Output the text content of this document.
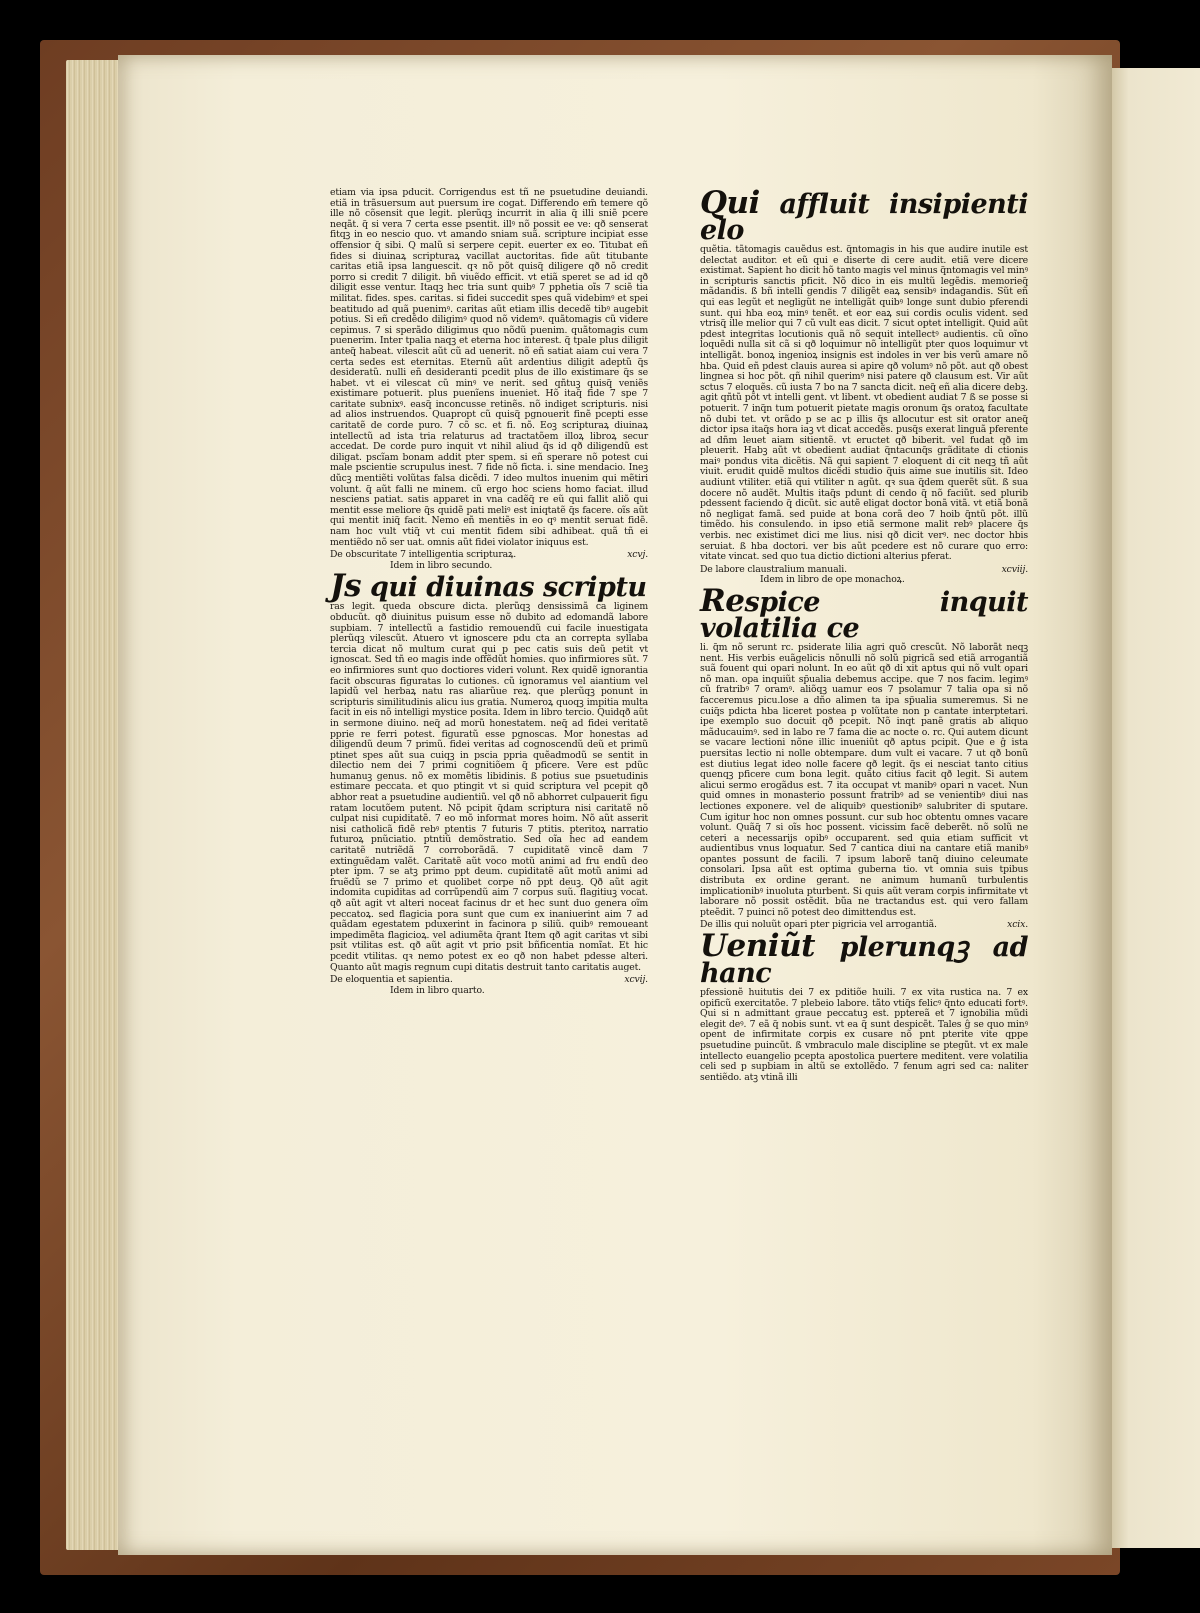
etiam via ipsa pducit. Corrigendus est tñ ne psuetudine deuiandi. etiã in trãsuersum aut puersum ire cogat. Differendo em̃ temere qõ ille nõ cõsensit que legit. plerũqꝫ incurrit in alia q̃ illi sniẽ pcere neqãt. q̃ si vera 7 certa esse psentit. illꝰ nõ possit ee ve: qð senserat fitqꝫ in eo nescio quo. vt amando sniam suã. scripture incipiat esse offensior q̃ sibi. Q malũ si serpere cepit. euerter ex eo. Titubat eñ fides si diuinaꝝ scripturaꝝ vacillat auctoritas. fide aũt titubante caritas etiã ipsa languescit. qꝛ nõ põt quisq̃ diligere qð nõ credit porro si credit 7 diligit. bñ viuẽdo efficit. vt etiã speret se ad id qð diligit esse ventur. Itaqꝫ hec tria sunt quibꝰ 7 pphetia oĩs 7 sciẽ tia militat. fides. spes. caritas. si fidei succedit spes quã videbimꝰ et spei beatitudo ad quã puenimꝰ. caritas aũt etiam illis decedẽ tibꝰ augebit potius. Si eñ credẽdo diligimꝰ quod nõ videmꝰ. quãtomagis cũ videre cepimus. 7 si sperãdo diligimus quo nõdũ puenim. quãtomagis cum puenerim. Inter tpalia naqꝫ et eterna hoc interest. q̃ tpale plus diligit anteq̃ habeat. vilescit aũt cũ ad uenerit. nõ eñ satiat aiam cui vera 7 certa sedes est eternitas. Eternũ aũt ardentius diligit adeptũ q̃s desideratũ. nulli eñ desideranti pcedit plus de illo existimare q̃s se habet. vt ei vilescat cũ minꝰ ve nerit. sed qñtuꝫ quisq̃ veniẽs existimare potuerit. plus puenĩens inueniet. Hõ itaq̃ fide 7 spe 7 caritate subnixꝰ. easq̃ inconcusse retinẽs. nõ indiget scripturis. nisi ad alios instruendos. Quapropt cũ quisq̃ pgnouerit finẽ pcepti esse caritatẽ de corde puro. 7 cõ sc. et fi. nõ. Eoꝫ scripturaꝝ diuinaꝝ intellectũ ad ista tria relaturus ad tractatõem illoꝝ libroꝝ secur accedat. De corde puro inquit vt nihil aliud q̃s id qð diligendũ est diligat. pscĩam bonam addit pter spem. si eñ sperare nõ potest cui male pscientie scrupulus inest. 7 fide nõ ficta. i. sine mendacio. Ineꝫ dũcꝫ mentiẽti volũtas falsa dicẽdi. 7 ideo multos inuenim qui mẽtiri volunt. q̃ aũt falli ne minem. cũ ergo hoc sciens homo faciat. illud nesciens patiat. satis apparet in vna cadẽq̃ re eũ qui fallit aliõ qui mentit esse meliore q̃s quidẽ pati meliꝰ est iniqtatẽ q̃s facere. oĩs aũt qui mentit iniq̃ facit. Nemo eñ mentiẽs in eo qꝰ mentit seruat fidẽ. nam hoc vult vtiq̃ vt cui mentit fidem sibi adhibeat. quã tñ ei mentiẽdo nõ ser uat. omnis aũt fidei violator iniquus est.

De obscuritate 7 intelligentia scripturaꝝ.	xcvj.
Idem in libro secundo.
Js qui diuinas scriptu

ras legit. queda obscure dicta. plerũqꝫ densissimã ca liginem obducũt. qð diuinitus puisum esse nõ dubito ad edomandã labore supbiam. 7 intellectũ a fastidio remouendũ cui facile inuestigata plerũqꝫ vilescũt. Atuero vt ignoscere pdu cta an correpta syllaba tercia dicat nõ multum curat qui p pec catis suis deũ petit vt ignoscat. Sed tñ eo magis inde offẽdũt homies. quo infirmiores sũt. 7 eo infirmiores sunt quo doctiores videri volunt. Rex quidẽ ignorantia facit obscuras figuratas lo cutiones. cũ ignoramus vel aiantium vel lapidũ vel herbaꝝ natu ras aliarũue reꝝ. que plerũqꝫ ponunt in scripturis similitudinis alicu ius gratia. Numeroꝝ quoqꝫ impitia multa facit in eis nõ intelligi mystice posita. Idem in libro tercio. Quidqð aũt in sermone diuino. neq̃ ad morũ honestatem. neq̃ ad fidei veritatẽ pprie re ferri potest. figuratũ esse pgnoscas. Mor honestas ad diligendũ deum 7 primũ. fidei veritas ad cognoscendũ deũ et primũ ptinet spes aũt sua cuiqꝫ in pscia ppria quẽadmodũ se sentit in dilectio nem dei 7 primi cognitiõem q̃ pficere. Vere est pdũc humanuꝫ genus. nõ ex momẽtis libidinis. ß potius sue psuetudinis estimare peccata. et quo ptingit vt si quid scriptura vel pcepit qð abhor reat a psuetudine audientiũ. vel qð nõ abhorret culpauerit figu ratam locutõem putent. Nõ pcipit q̃dam scriptura nisi caritatẽ nõ culpat nisi cupiditatẽ. 7 eo mõ informat mores hoim. Nõ aũt asserit nisi catholicã fidẽ rebꝰ ptentis 7 futuris 7 ptitis. pteritoꝝ narratio futuroꝝ pnũciatio. ptntiũ demõstratio. Sed oĩa hec ad eandem caritatẽ nutriẽdã 7 corroborãdã. 7 cupiditatẽ vincẽ dam 7 extinguẽdam valẽt. Caritatẽ aũt voco motũ animi ad fru endũ deo pter ipm. 7 se atꝫ primo ppt deum. cupiditatẽ aũt motũ animi ad fruẽdũ se 7 primo et quolibet corpe nõ ppt deuꝫ. Qð aũt agit indomita cupiditas ad corrũpendũ aim 7 corpus suũ. flagitiuꝫ vocat. qð aũt agit vt alteri noceat facinus dr et hec sunt duo genera oĩm peccatoꝝ. sed flagicia pora sunt que cum ex inaniuerint aim 7 ad quãdam egestatem pduxerint in facinora p siliũ. quibꝰ remoueant impedimẽta flagicioꝝ. vel adiumẽta q̃rant Item qð agit caritas vt sibi psit vtilitas est. qð aũt agit vt prio psit bñficentia nomĩat. Et hic pcedit vtilitas. qꝛ nemo potest ex eo qð non habet pdesse alteri. Quanto aũt magis regnum cupi ditatis destruit tanto caritatis auget.

De eloquentia et sapientia.	xcvij.
Idem in libro quarto.
Qui affluit insipienti elo

quẽtia. tãtomagis cauẽdus est. q̃ntomagis in his que audire inutile est delectat auditor. et eũ qui e diserte di cere audit. etiã vere dicere existimat. Sapient ho dicit hõ tanto magis vel minus q̃ntomagis vel minꝰ in scripturis sanctis pficit. Nõ dico in eis multũ legẽdis. memorieq̃ mãdandis. ß bñ intelli gendis 7 diligẽt eaꝝ sensibꝰ indagandis. Sũt eñ qui eas legũt et negligũt ne intelligãt quibꝰ longe sunt dubio pferendi sunt. qui hba eoꝝ minꝰ tenẽt. et eor eaꝝ sui cordis oculis vident. sed vtrisq̃ ille melior qui 7 cũ vult eas dicit. 7 sicut optet intelligit. Quid aũt pdest integritas locutionis quã nõ sequit intellectꝰ audientis. cũ oĩno loquẽdi nulla sit cã si qð loquimur nõ intelligũt pter quos loquimur vt intelligãt. bonoꝝ ingenioꝝ insignis est indoles in ver bis verũ amare nõ hba. Quid eñ pdest clauis aurea si apire qð volumꝰ nõ põt. aut qð obest lingnea si hoc põt. qñ nihil querimꝰ nisi patere qð clausum est. Vir aũt sctus 7 eloquẽs. cũ iusta 7 bo na 7 sancta dicit. neq̃ eñ alia dicere debꝫ. agit qñtũ põt vt intelli gent. vt libent. vt obedient audiat 7 ß se posse si potuerit. 7 inq̃n tum potuerit pietate magis oronum q̃s oratoꝝ facultate nõ dubi tet. vt orãdo p se ac p illis q̃s allocutur est sit orator aneq̃ dictor ipsa itaq̃s hora iaꝫ vt dicat accedẽs. pusq̃s exerat linguã pferente ad dñm leuet aiam sitientẽ. vt eructet qð biberit. vel fudat qð im pleuerit. Habꝫ aũt vt obedient audiat q̃ntacunq̃s grãditate di ctionis maiꝰ pondus vita dicẽtis. Nã qui sapient 7 eloquent di cit neqꝫ tñ aũt viuit. erudit quidẽ multos dicẽdi studio q̃uis aime sue inutilis sit. Ideo audiunt vtiliter. etiã qui vtiliter n agũt. qꝛ sua q̃dem querẽt sũt. ß sua docere nõ audẽt. Multis itaq̃s pdunt di cendo q̃ nõ faciũt. sed plurib pdessent faciendo q̃ dicũt. sic autẽ eligat doctor bonã vitã. vt etiã bonã nõ negligat famã. sed puide at bona corã deo 7 hoib q̃ntũ põt. illũ timẽdo. his consulendo. in ipso etiã sermone malit rebꝰ placere q̃s verbis. nec existimet dici me lius. nisi qð dicit verꝰ. nec doctor hbis seruiat. ß hba doctori. ver bis aũt pcedere est nõ curare quo erro: vitate vincat. sed quo tua dictio dictioni alterius pferat.

De labore claustralium manuali.	xcviij.
Idem in libro de ope monachoꝝ.
Respice inquit volatilia ce

li. q̃m nõ serunt rc. psiderate lilia agri quõ crescũt. Nõ laborãt neqꝫ nent. His verbis euãgelicis nõnulli nõ solũ pigricã sed etiã arrogantiã suã fouent qui opari nolunt. In eo aũt qð di xit aptus qui nõ vult opari nõ man. opa inquiũt sp̃ualia debemus accipe. que 7 nos facim. legimꝰ cũ fratribꝰ 7 oramꝰ. aliõqꝫ uamur eos 7 psolamur 7 talia opa si nõ facceremus picu.lose a dño alimen ta ipa sp̃ualia sumeremus. Si ne cuiq̃s pdicta hba liceret postea p volũtate non p cantate interptetari. ipe exemplo suo docuit qð pcepit. Nõ inqt panẽ gratis ab aliquo mãducauimꝰ. sed in labo re 7 fama die ac nocte o. rc. Qui autem dicunt se vacare lectioni nõne illic inueniũt qð aptus pcipit. Que e ĝ ista puersitas lectio ni nolle obtempare. dum vult ei vacare. 7 ut qð bonũ est diutius legat ideo nolle facere qð legit. q̃s ei nesciat tanto citius quenqꝫ pficere cum bona legit. quãto citius facit qð legit. Si autem alicui sermo erogãdus est. 7 ita occupat vt manibꝰ opari n vacet. Nun quid omnes in monasterio possunt fratribꝰ ad se venientibꝰ diui nas lectiones exponere. vel de aliquibꝰ questionibꝰ salubriter di sputare. Cum igitur hoc non omnes possunt. cur sub hoc obtentu omnes vacare volunt. Quãq̃ 7 si oĩs hoc possent. vicissim facẽ deberẽt. nõ solũ ne ceteri a necessarijs opibꝰ occuparent. sed quia etiam sufficit vt audientibus vnus loquatur. Sed 7 cantica diui na cantare etiã manibꝰ opantes possunt de facili. 7 ipsum laborẽ tanq̃ diuino celeumate consolari. Ipsa aũt est optima guberna tio. vt omnia suis tpibus distributa ex ordine gerant. ne animum humanũ turbulentis implicationibꝰ inuoluta pturbent. Si quis aũt veram corpis infirmitate vt laborare nõ possit ostẽdit. bũa ne tractandus est. qui vero fallam pteẽdit. 7 puinci nõ potest deo dimittendus est.

De illis qui noluũt opari pter pigricia vel arrogantiã.	xcix.
Ueniũt plerunqꝫ ad hanc

pfessionẽ huitutis dei 7 ex pditiõe huili. 7 ex vita rustica na. 7 ex opificũ exercitatõe. 7 plebeio labore. tãto vtiq̃s felicꝰ q̃nto educati fortꝰ. Qui si n admittant graue peccatuꝫ est. pptereã et 7 ignobilia mũdi elegit deꝰ. 7 eã q̃ nobis sunt. vt ea q̃ sunt despicẽt. Tales ĝ se quo minꝰ opent de infirmitate corpis ex cusare nõ pnt pterite vite qppe psuetudine puincũt. ß vmbraculo male discipline se ptegũt. vt ex male intellecto euangelio pcepta apostolica puertere meditent. vere volatilia celi sed p supbiam in altũ se extollẽdo. 7 fenum agri sed ca: naliter sentiẽdo. atꝫ vtinã illi
